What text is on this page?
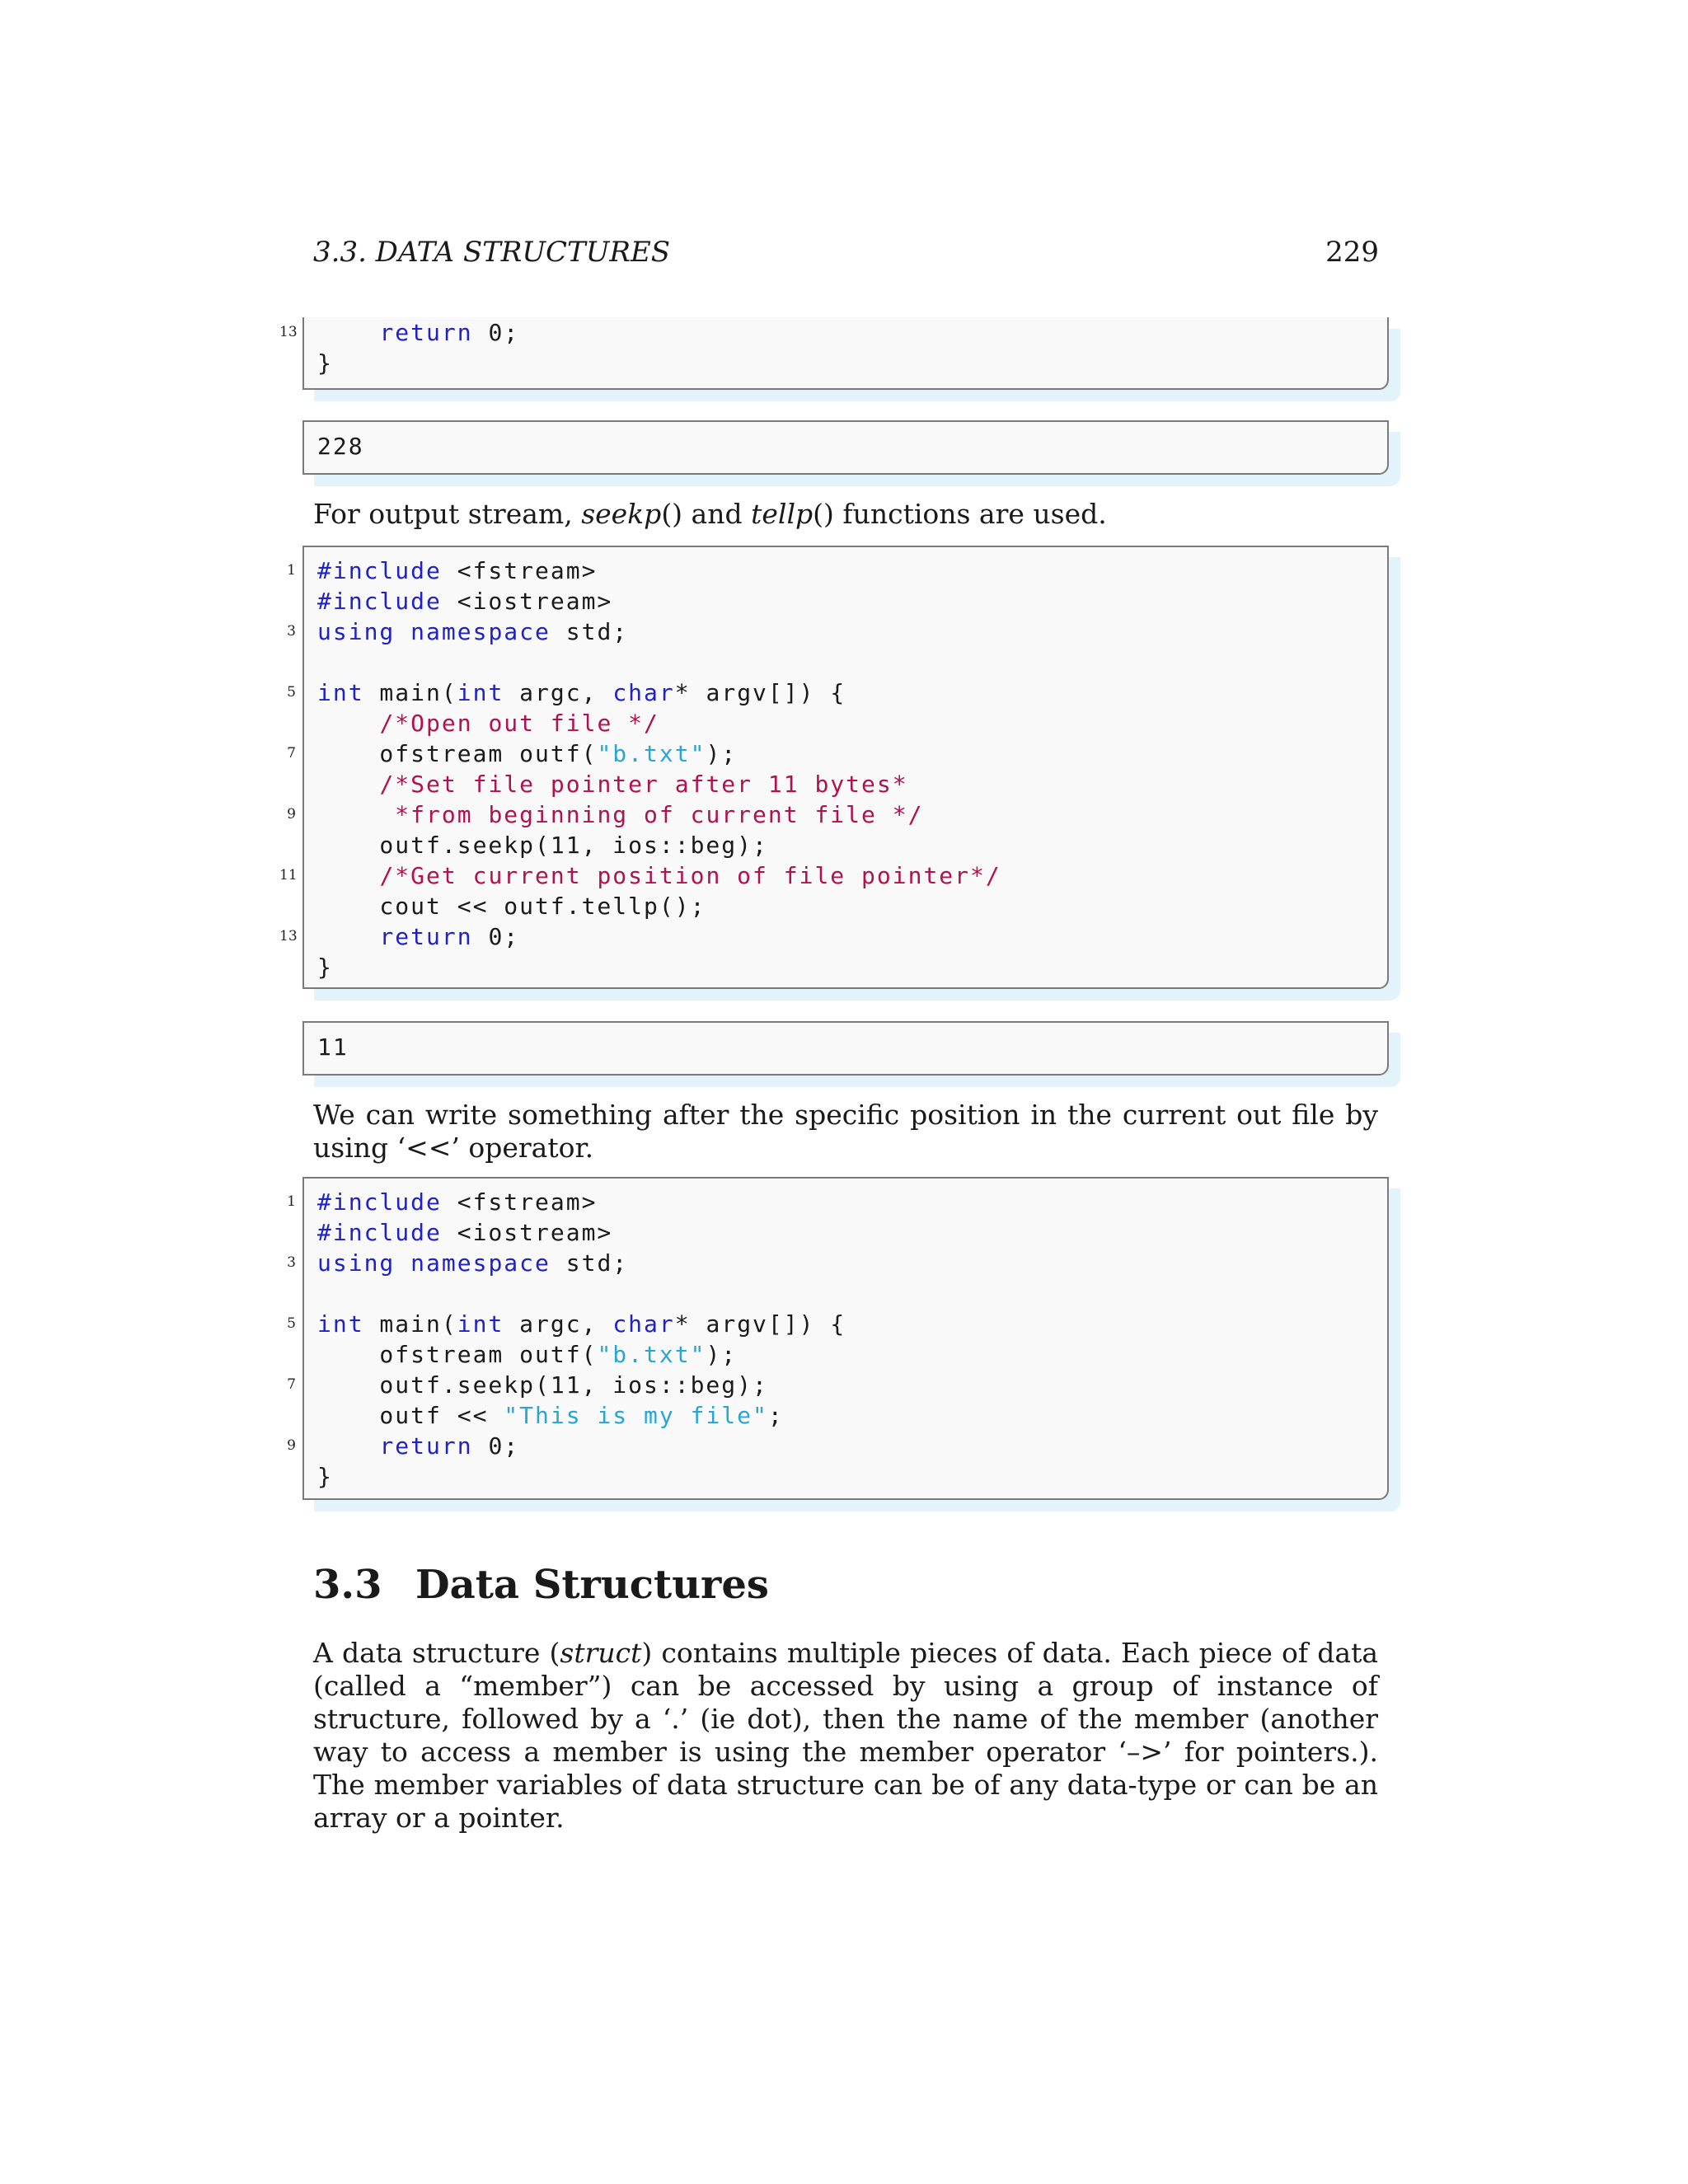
3.3. DATA STRUCTURES	229
13	return 0;
}
228
For output stream, seekp() and tellp() functions are used.
1 #include <fstream>
#include <iostream>
3 using namespace std;
5 int main(int argc, char* argv[]) {
/*Open out file */
7 ofstream outf("b.txt");
/*Set file pointer after 11 bytes*
9	*from beginning of current file */
outf.seekp(11, ios::beg);
11	/*Get current position of file pointer*/
cout << outf.tellp();
13	return 0;
}
11
We can write something after the specific position in the current out file by using ‘<<’ operator.
1 #include <fstream>
#include <iostream>
3 using namespace std;
5 int main(int argc, char* argv[]) {
ofstream outf("b.txt");
7 outf.seekp(11, ios::beg);
outf << "This is my file";
9	return 0;
}
3.3 Data Structures
A data structure (struct) contains multiple pieces of data. Each piece of data (called a “member”) can be accessed by using a group of instance of structure, followed by a ‘.’ (ie dot), then the name of the member (another way to access a member is using the member operator ‘–>’ for pointers.). The member variables of data structure can be of any data-type or can be an array or a pointer.
